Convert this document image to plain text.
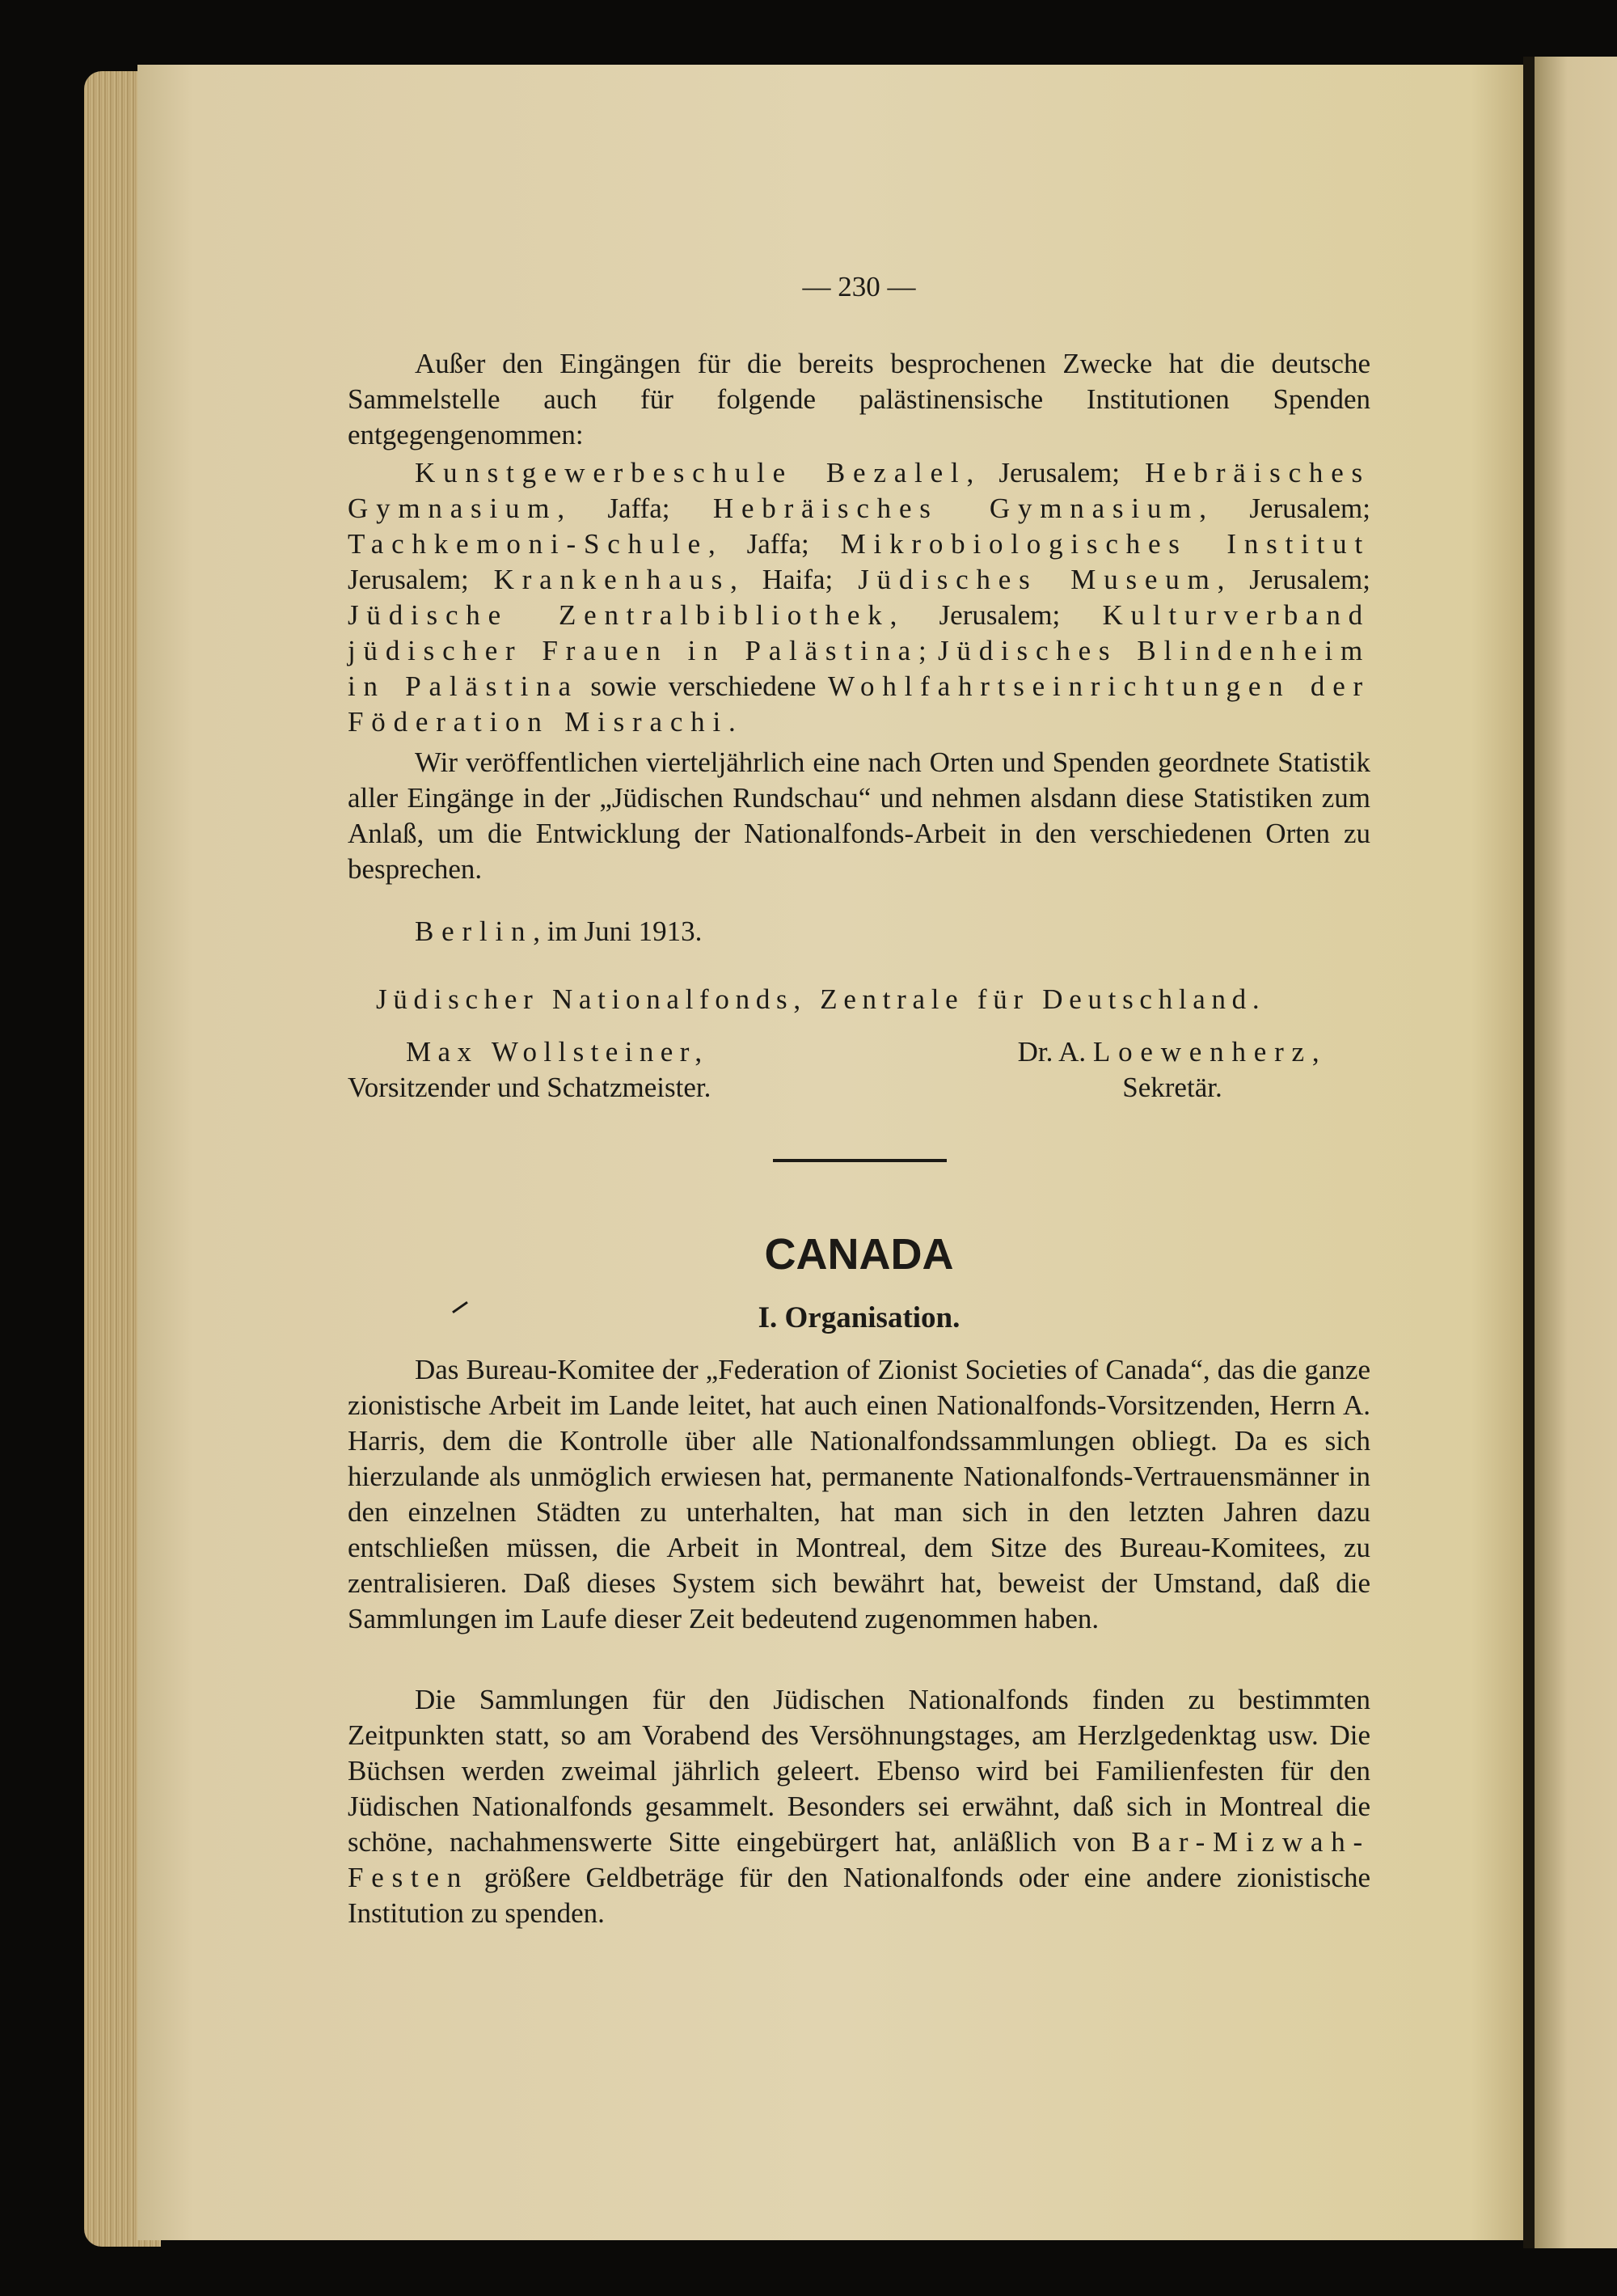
— 230 —

Außer den Eingängen für die bereits besprochenen Zwecke hat die deutsche Sammelstelle auch für folgende palästinensische Institutionen Spenden entgegengenommen:

Kunstgewerbeschule Bezalel, Jerusalem; Hebräisches Gymnasium, Jaffa; Hebräisches Gymnasium, Jerusalem; Tachkemoni-Schule, Jaffa; Mikrobiologisches Institut Jerusalem; Krankenhaus, Haifa; Jüdisches Museum, Jerusalem; Jüdische Zentralbibliothek, Jerusalem; Kulturverband jüdischer Frauen in Palästina; Jüdisches Blindenheim in Palästina sowie verschiedene Wohlfahrtseinrichtungen der Föderation Misrachi.

Wir veröffentlichen vierteljährlich eine nach Orten und Spenden geordnete Statistik aller Eingänge in der „Jüdischen Rundschau“ und nehmen alsdann diese Statistiken zum Anlaß, um die Entwicklung der Nationalfonds-Arbeit in den verschiedenen Orten zu besprechen.

Berlin, im Juni 1913.

Jüdischer Nationalfonds, Zentrale für Deutschland.
Max Wollsteiner,
Vorsitzender und Schatzmeister.
Dr. A. Loewenherz,
Sekretär.
CANADA
I. Organisation.

Das Bureau-Komitee der „Federation of Zionist Societies of Canada“, das die ganze zionistische Arbeit im Lande leitet, hat auch einen Nationalfonds-Vorsitzenden, Herrn A. Harris, dem die Kontrolle über alle Nationalfondssammlungen obliegt. Da es sich hierzulande als unmöglich erwiesen hat, permanente Nationalfonds-Vertrauensmänner in den einzelnen Städten zu unterhalten, hat man sich in den letzten Jahren dazu entschließen müssen, die Arbeit in Montreal, dem Sitze des Bureau-Komitees, zu zentralisieren. Daß dieses System sich bewährt hat, beweist der Umstand, daß die Sammlungen im Laufe dieser Zeit bedeutend zugenommen haben.

Die Sammlungen für den Jüdischen Nationalfonds finden zu bestimmten Zeitpunkten statt, so am Vorabend des Versöhnungstages, am Herzlgedenktag usw. Die Büchsen werden zweimal jährlich geleert. Ebenso wird bei Familienfesten für den Jüdischen Nationalfonds gesammelt. Besonders sei erwähnt, daß sich in Montreal die schöne, nachahmenswerte Sitte eingebürgert hat, anläßlich von Bar-Mizwah-Festen größere Geldbeträge für den Nationalfonds oder eine andere zionistische Institution zu spenden.
